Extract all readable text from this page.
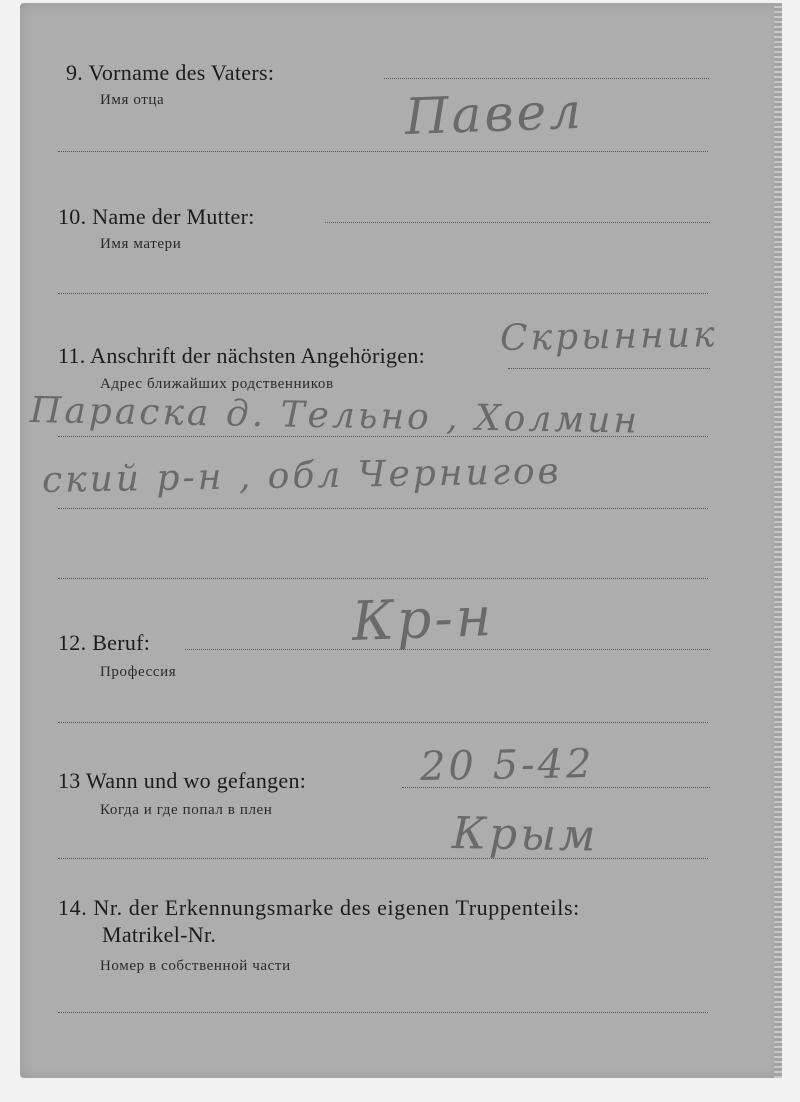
9. Vorname des Vaters:
Имя отца	Павел
10. Name der Mutter:
Имя матери
11. Anschrift der nächsten Angehörigen: Скрынник
Адрес ближайших родственников
Параска д. Тельно , Холмин
ский р-н , обл Чернигов
12. Beruf:	Кр-н
Профессия
13 Wann und wo gefangen:	20 5-42
Когда и где попал в плен	Крым
14. Nr. der Erkennungsmarke des eigenen Truppenteils:
Matrikel-Nr.
Номер в собственной части
